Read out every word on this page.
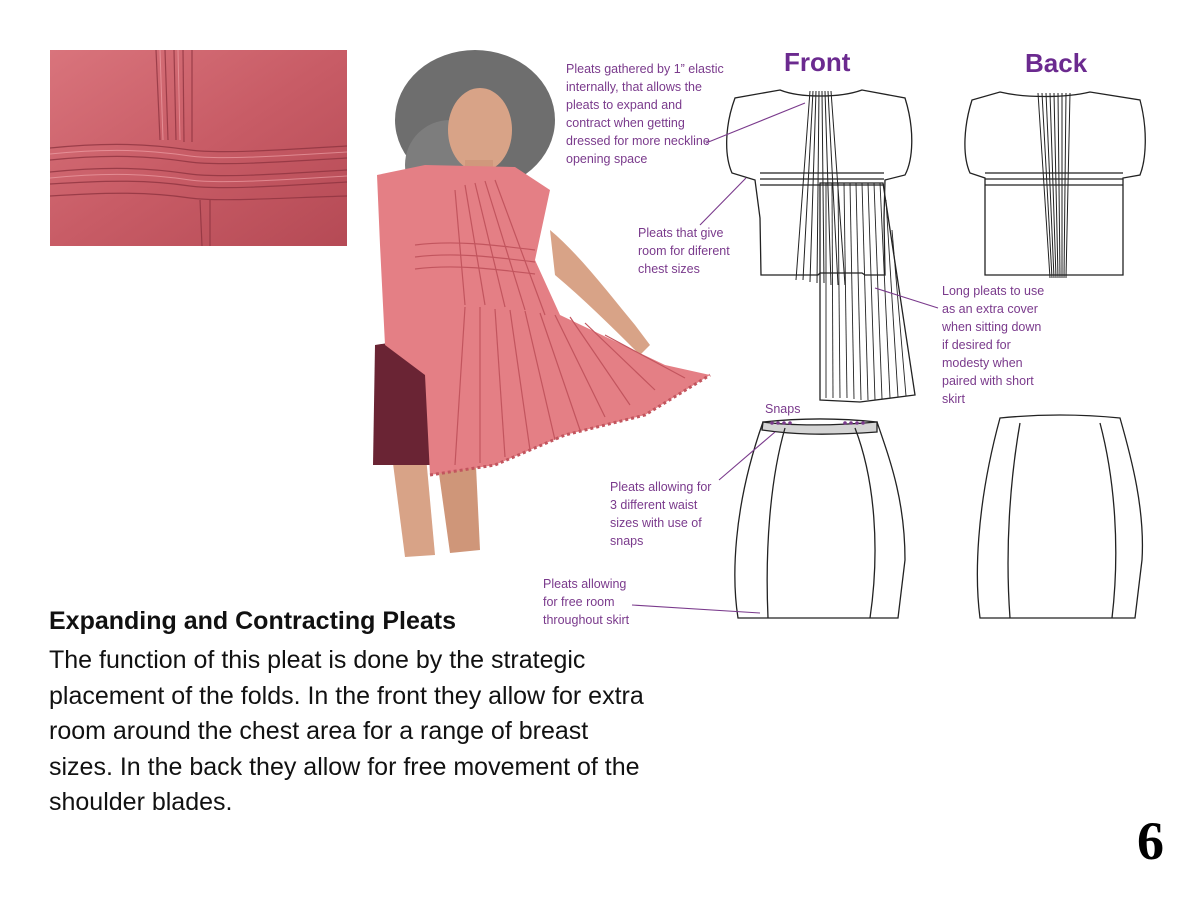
Front	Back
Pleats gathered by 1” elastic
internally, that allows the
pleats to expand and
contract when getting
dressed for more neckline
opening space
Pleats that give
room for diferent
chest sizes
Long pleats to use
as an extra cover
when sitting down
if desired for
modesty when
paired with short
skirt
Snaps
Pleats allowing for
3 different waist
sizes with use of
snaps
Pleats allowing
for free room
throughout skirt
Expanding and Contracting Pleats
The function of this pleat is done by the strategic placement of the folds. In the front they allow for extra room around the chest area for a range of breast sizes. In the back they allow for free movement of the shoulder blades.
6
